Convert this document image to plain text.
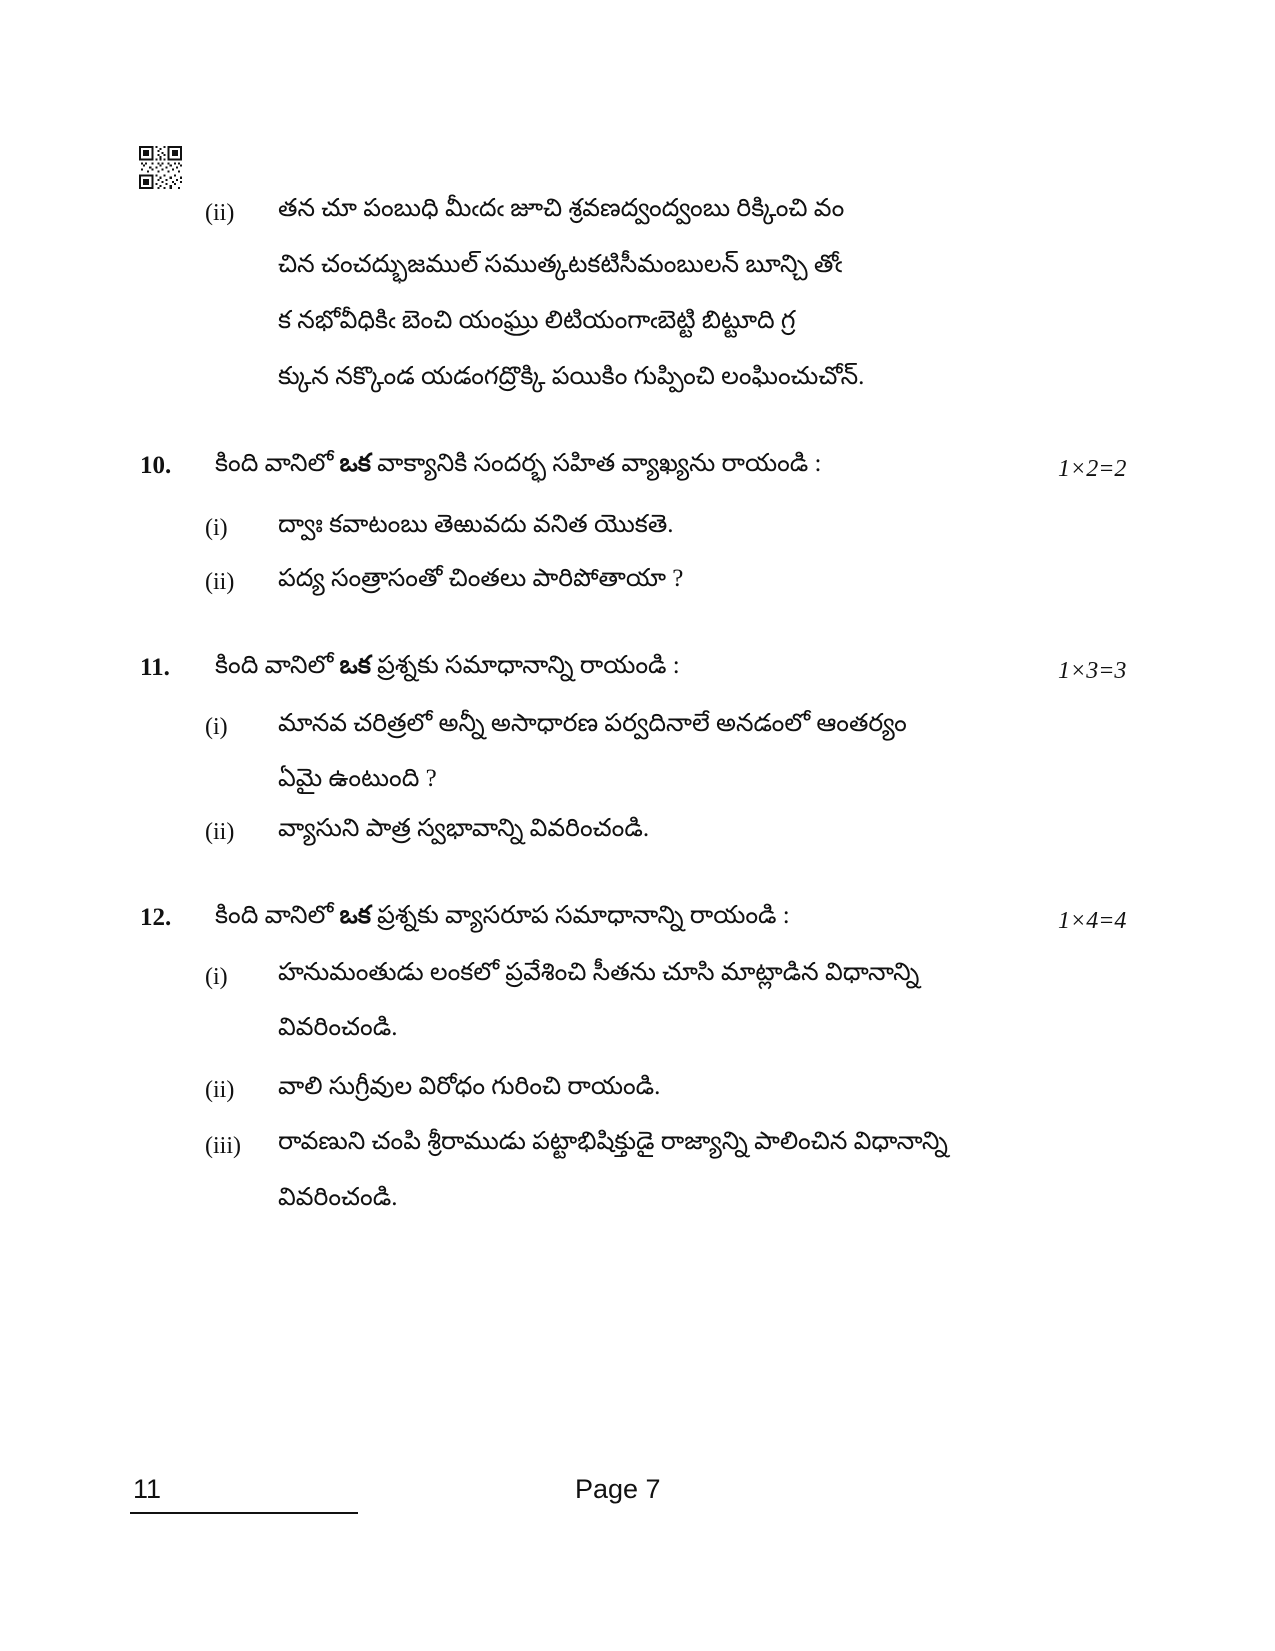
(ii) తన చూ పంబుధి మీఁదఁ జూచి శ్రవణద్వంద్వంబు రిక్కించి వం
చిన చంచద్భుజముల్ సముత్కటకటిసీమంబులన్ బూన్చి తోఁ
క నభోవీధికిఁ బెంచి యంఘ్రు లిటియంగాఁబెట్టి బిట్టూది గ్ర
క్కున నక్కొండ యడంగద్రొక్కి పయికిం గుప్పించి లంఘించుచోన్.
10. కింది వానిలో ఒక వాక్యానికి సందర్భ సహిత వ్యాఖ్యను రాయండి :	1×2=2
(i) ద్వాః కవాటంబు తెఱువదు వనిత యొకతె.
(ii) పద్య సంత్రాసంతో చింతలు పారిపోతాయా ?
11. కింది వానిలో ఒక ప్రశ్నకు సమాధానాన్ని రాయండి :	1×3=3
(i) మానవ చరిత్రలో అన్నీ అసాధారణ పర్వదినాలే అనడంలో ఆంతర్యం
ఏమై ఉంటుంది ?
(ii) వ్యాసుని పాత్ర స్వభావాన్ని వివరించండి.
12. కింది వానిలో ఒక ప్రశ్నకు వ్యాసరూప సమాధానాన్ని రాయండి :	1×4=4
(i) హనుమంతుడు లంకలో ప్రవేశించి సీతను చూసి మాట్లాడిన విధానాన్ని
వివరించండి.
(ii) వాలి సుగ్రీవుల విరోధం గురించి రాయండి.
(iii) రావణుని చంపి శ్రీరాముడు పట్టాభిషిక్తుడై రాజ్యాన్ని పాలించిన విధానాన్ని
వివరించండి.
11	Page 7
